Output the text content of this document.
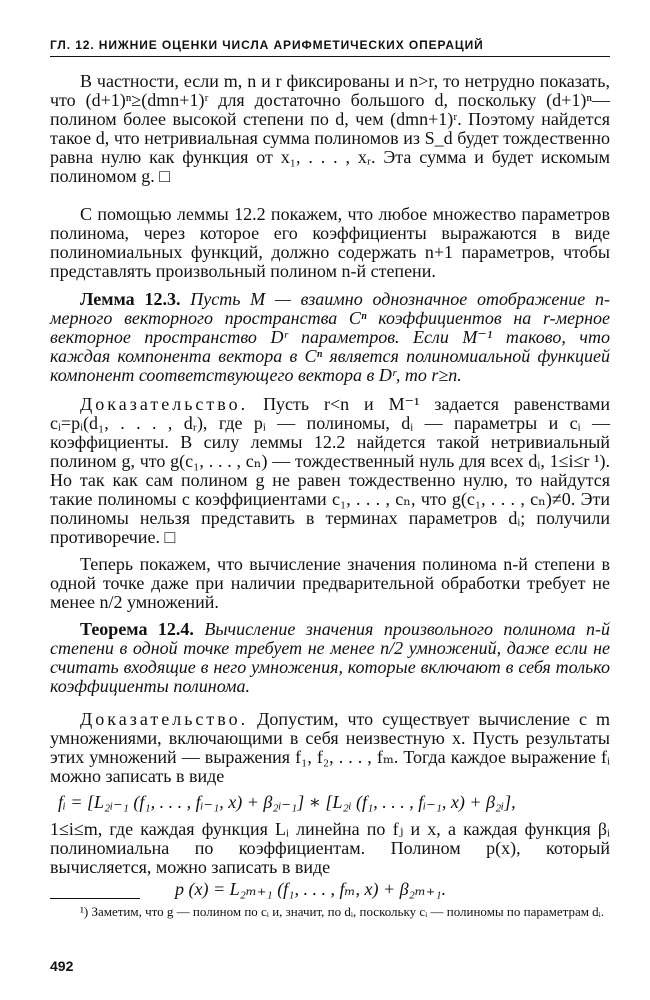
ГЛ. 12. НИЖНИЕ ОЦЕНКИ ЧИСЛА АРИФМЕТИЧЕСКИХ ОПЕРАЦИЙ

В частности, если m, n и r фиксированы и n>r, то нетрудно показать, что (d+1)ⁿ≥(dmn+1)ʳ для достаточно большого d, поскольку (d+1)ⁿ— полином более высокой степени по d, чем (dmn+1)ʳ. Поэтому найдется такое d, что нетривиальная сумма полиномов из S_d будет тождественно равна нулю как функция от x₁, . . . , xᵣ. Эта сумма и будет искомым полиномом g. □

С помощью леммы 12.2 покажем, что любое множество параметров полинома, через которое его коэффициенты выражаются в виде полиномиальных функций, должно содержать n+1 параметров, чтобы представлять произвольный полином n-й степени.

Лемма 12.3. Пусть M — взаимно однозначное отображение n-мерного векторного пространства Cⁿ коэффициентов на r-мерное векторное пространство Dʳ параметров. Если M⁻¹ таково, что каждая компонента вектора в Cⁿ является полиномиальной функцией компонент соответствующего вектора в Dʳ, то r≥n.

Доказательство. Пусть r<n и M⁻¹ задается равенствами cᵢ=pᵢ(d₁, . . . , dᵣ), где pᵢ — полиномы, dᵢ — параметры и cᵢ — коэффициенты. В силу леммы 12.2 найдется такой нетривиальный полином g, что g(c₁, . . . , cₙ) — тождественный нуль для всех dᵢ, 1≤i≤r ¹). Но так как сам полином g не равен тождественно нулю, то найдутся такие полиномы с коэффициентами c₁, . . . , cₙ, что g(c₁, . . . , cₙ)≠0. Эти полиномы нельзя представить в терминах параметров dᵢ; получили противоречие. □

Теперь покажем, что вычисление значения полинома n-й степени в одной точке даже при наличии предварительной обработки требует не менее n/2 умножений.

Теорема 12.4. Вычисление значения произвольного полинома n-й степени в одной точке требует не менее n/2 умножений, даже если не считать входящие в него умножения, которые включают в себя только коэффициенты полинома.

Доказательство. Допустим, что существует вычисление с m умножениями, включающими в себя неизвестную x. Пусть результаты этих умножений — выражения f₁, f₂, . . . , fₘ. Тогда каждое выражение fᵢ можно записать в виде

fᵢ = [L₂ᵢ₋₁ (f₁, . . . , fᵢ₋₁, x) + β₂ᵢ₋₁] ∗ [L₂ᵢ (f₁, . . . , fᵢ₋₁, x) + β₂ᵢ],

1≤i≤m, где каждая функция Lᵢ линейна по fⱼ и x, а каждая функция βᵢ полиномиальна по коэффициентам. Полином p(x), который вычисляется, можно записать в виде

p (x) = L₂ₘ₊₁ (f₁, . . . , fₘ, x) + β₂ₘ₊₁.

¹) Заметим, что g — полином по cᵢ и, значит, по dᵢ, поскольку cᵢ — полиномы по параметрам dᵢ.

492
